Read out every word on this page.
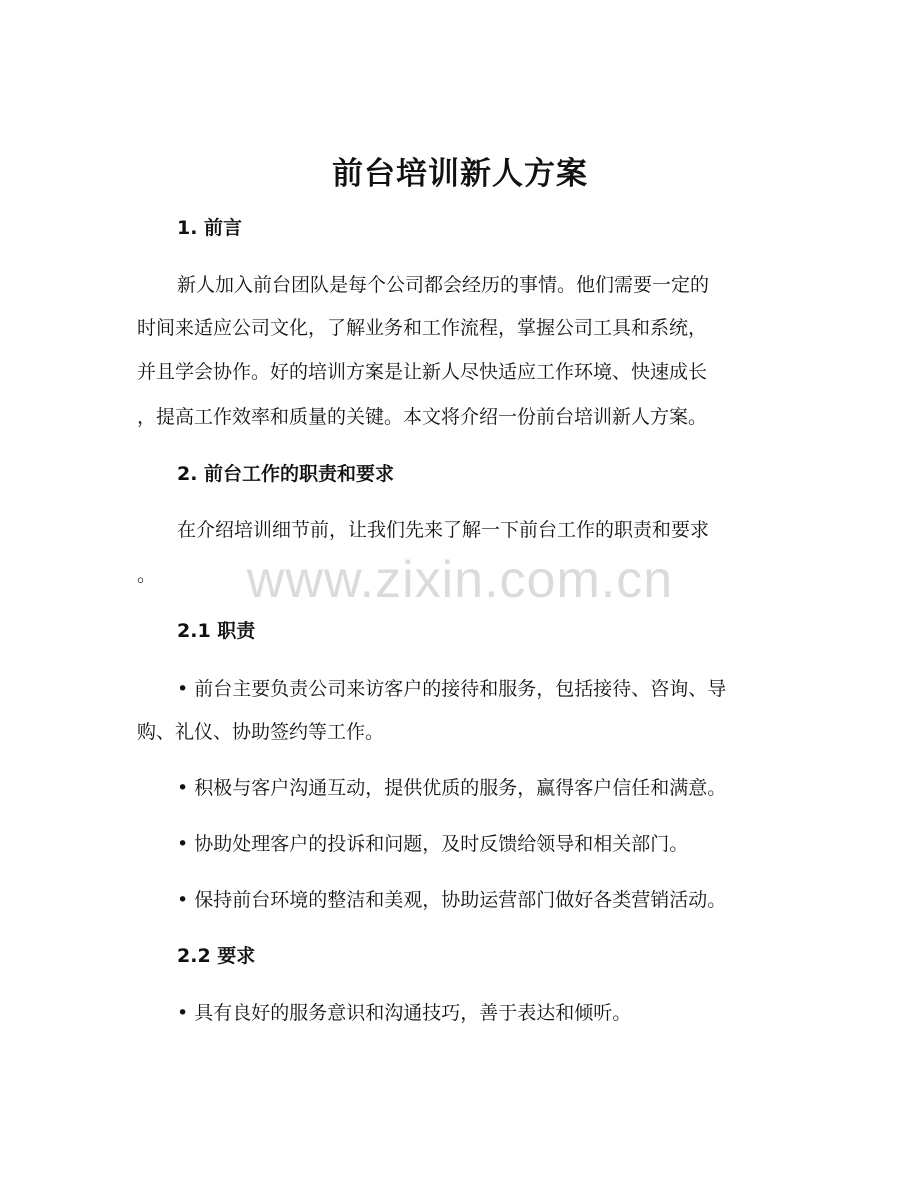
前台培训新人方案
1. 前言
新人加入前台团队是每个公司都会经历的事情。他们需要一定的
时间来适应公司文化，了解业务和工作流程，掌握公司工具和系统，
并且学会协作。好的培训方案是让新人尽快适应工作环境、快速成长
，提高工作效率和质量的关键。本文将介绍一份前台培训新人方案。
2. 前台工作的职责和要求
在介绍培训细节前，让我们先来了解一下前台工作的职责和要求
。
2.1 职责
• 前台主要负责公司来访客户的接待和服务，包括接待、咨询、导
购、礼仪、协助签约等工作。
• 积极与客户沟通互动，提供优质的服务，赢得客户信任和满意。
• 协助处理客户的投诉和问题，及时反馈给领导和相关部门。
• 保持前台环境的整洁和美观，协助运营部门做好各类营销活动。
2.2 要求
• 具有良好的服务意识和沟通技巧，善于表达和倾听。
www.zixin.com.cn
